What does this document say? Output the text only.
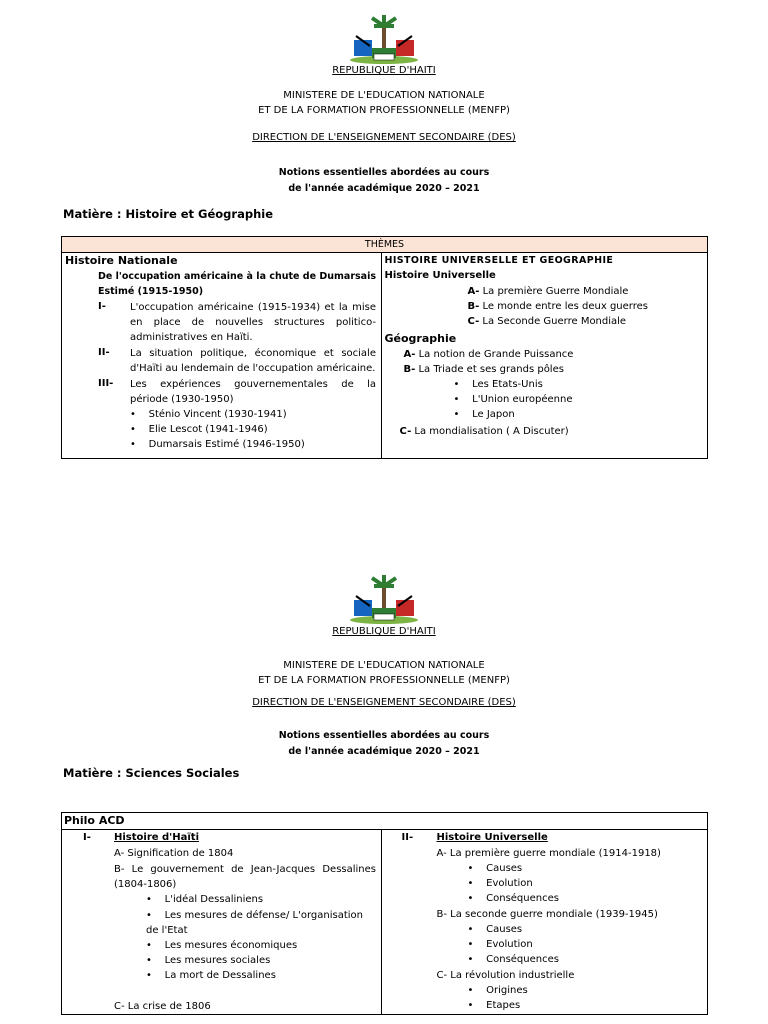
REPUBLIQUE D'HAITI
MINISTERE DE L'EDUCATION NATIONALE
ET DE LA FORMATION PROFESSIONNELLE (MENFP)
DIRECTION DE L'ENSEIGNEMENT SECONDAIRE (DES)
Notions essentielles abordées au cours
de l'année académique 2020 – 2021
Matière : Histoire et Géographie
THÈMES

Histoire Nationale
De l'occupation américaine à la chute de Dumarsais Estimé (1915-1950)
I- L'occupation américaine (1915-1934) et la mise en place de nouvelles structures politico-administratives en Haïti.
II- La situation politique, économique et sociale d'Haïti au lendemain de l'occupation américaine.
III- Les expériences gouvernementales de la période (1930-1950)
•    Sténio Vincent (1930-1941)
•    Elie Lescot (1941-1946)
•    Dumarsais Estimé (1946-1950)

HISTOIRE UNIVERSELLE ET GEOGRAPHIE
Histoire Universelle
A- La première Guerre Mondiale
B- Le monde entre les deux guerres
C- La Seconde Guerre Mondiale
Géographie
A- La notion de Grande Puissance
B- La Triade et ses grands pôles
•    Les Etats-Unis
•    L'Union européenne
•    Le Japon
C- La mondialisation ( A Discuter)
REPUBLIQUE D'HAITI
MINISTERE DE L'EDUCATION NATIONALE
ET DE LA FORMATION PROFESSIONNELLE (MENFP)
DIRECTION DE L'ENSEIGNEMENT SECONDAIRE (DES)
Notions essentielles abordées au cours
de l'année académique 2020 – 2021
Matière : Sciences Sociales
Philo ACD

I- Histoire d'Haïti
A- Signification de 1804
B- Le gouvernement de Jean-Jacques Dessalines (1804-1806)
•    L'idéal Dessaliniens
•    Les mesures de défense/ L'organisation de l'Etat
•    Les mesures économiques
•    Les mesures sociales
•    La mort de Dessalines
C- La crise de 1806

II- Histoire Universelle
A- La première guerre mondiale (1914-1918)
•    Causes
•    Evolution
•    Conséquences
B- La seconde guerre mondiale (1939-1945)
•    Causes
•    Evolution
•    Conséquences
C- La révolution industrielle
•    Origines
•    Etapes
